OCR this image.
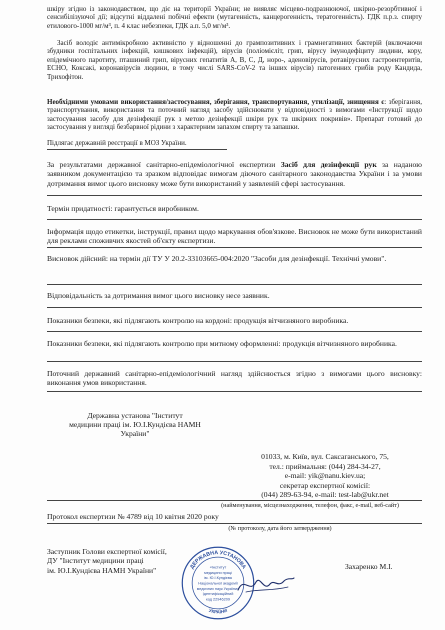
шкіру згідно із законодавством, що діє на території України; не виявляє місцево-подразнюючої, шкірно-резорбтивної і сенсибілізуючої дії; відсутні віддалені побічні ефекти (мутагенність, канцерогенність, тератогенність). ГДК п.р.з. спирту етилового-1000 мг/м³, п. 4 клас небезпеки, ГДК а.п. 5,0 мг/м³.
Засіб володіє антимікробною активністю у відношенні до грампозитивних і грамнегативних бактерій (включаючи збудники госпітальних інфекцій, кишкових інфекцій), вірусів (поліомієліт, грип, вірусу імунодефіциту людини, кору, епідемічного паротиту, пташиний грип, вірусних гепатитів А, В, С, Д, норо-, аденовірусів, ротавірусних гастроентеритів, ЕСНО, Коксакі, коронавірусів людини, в тому числі SARS-CoV-2 та інших вірусів) патогенних грибів роду Кандида, Трихофітон.
Необхідними умовами використання/застосування, зберігання, транспортування, утилізації, знищення є: зберігання, транспортування, використання та поточний нагляд засобу здійснювати у відповідності з вимогами «Інструкції щодо застосування засобу для дезінфекції рук з метою дезінфекції шкіри рук та шкірних покривів». Препарат готовий до застосування у вигляді безбарвної рідини з характерним запахом спирту та запашки.
Підлягає державній реєстрації в МОЗ України.
За результатами державної санітарно-епідеміологічної експертизи Засіб для дезінфекції рук за наданою заявником документацією та зразком відповідає вимогам діючого санітарного законодавства України і за умови дотримання вимог цього висновку може бути використаний у заявленій сфері застосування.
Термін придатності: гарантується виробником.
Інформація щодо етикетки, інструкції, правил щодо маркування обов'язкове. Висновок не може бути використаний для реклами споживчих якостей об'єкту експертизи.
Висновок дійсний: на термін дії ТУ У 20.2-33103665-004:2020 "Засоби для дезінфекції. Технічні умови".
Відповідальність за дотримання вимог цього висновку несе заявник.
Показники безпеки, які підлягають контролю на кордоні: продукція вітчизняного виробника.
Показники безпеки, які підлягають контролю при митному оформленні: продукція вітчизняного виробника.
Поточний державний санітарно-епідеміологічний нагляд здійснюється згідно з вимогами цього висновку: виконання умов використання.
Державна установа "Інститут
медицини праці ім. Ю.І.Кундієва НАМН
України"
01033, м. Київ, вул. Саксаганського, 75,
тел.: приймальня: (044) 284-34-27,
e-mail: yik@nanu.kiev.ua;
секретар експертної комісії:
(044) 289-63-94, e-mail: test-lab@ukr.net
(найменування, місцезнаходження, телефон, факс, e-mail, веб-сайт)
Протокол експертизи № 4789 від 10 квітня 2020 року
(№ протоколу, дата його затвердження)
Заступник Голови експертної комісії,
ДУ "Інститут медицини праці
ім. Ю.І.Кундієва НАМН України"	Захаренко М.І.
ДЕРЖАВНА УСТАНОВА
УКРАЇНИ
«Інститут
медицини праці
ім. Ю.І.Кундієва
Національної академії
медичних наук України»
Ідентифікаційний
код 22946209
